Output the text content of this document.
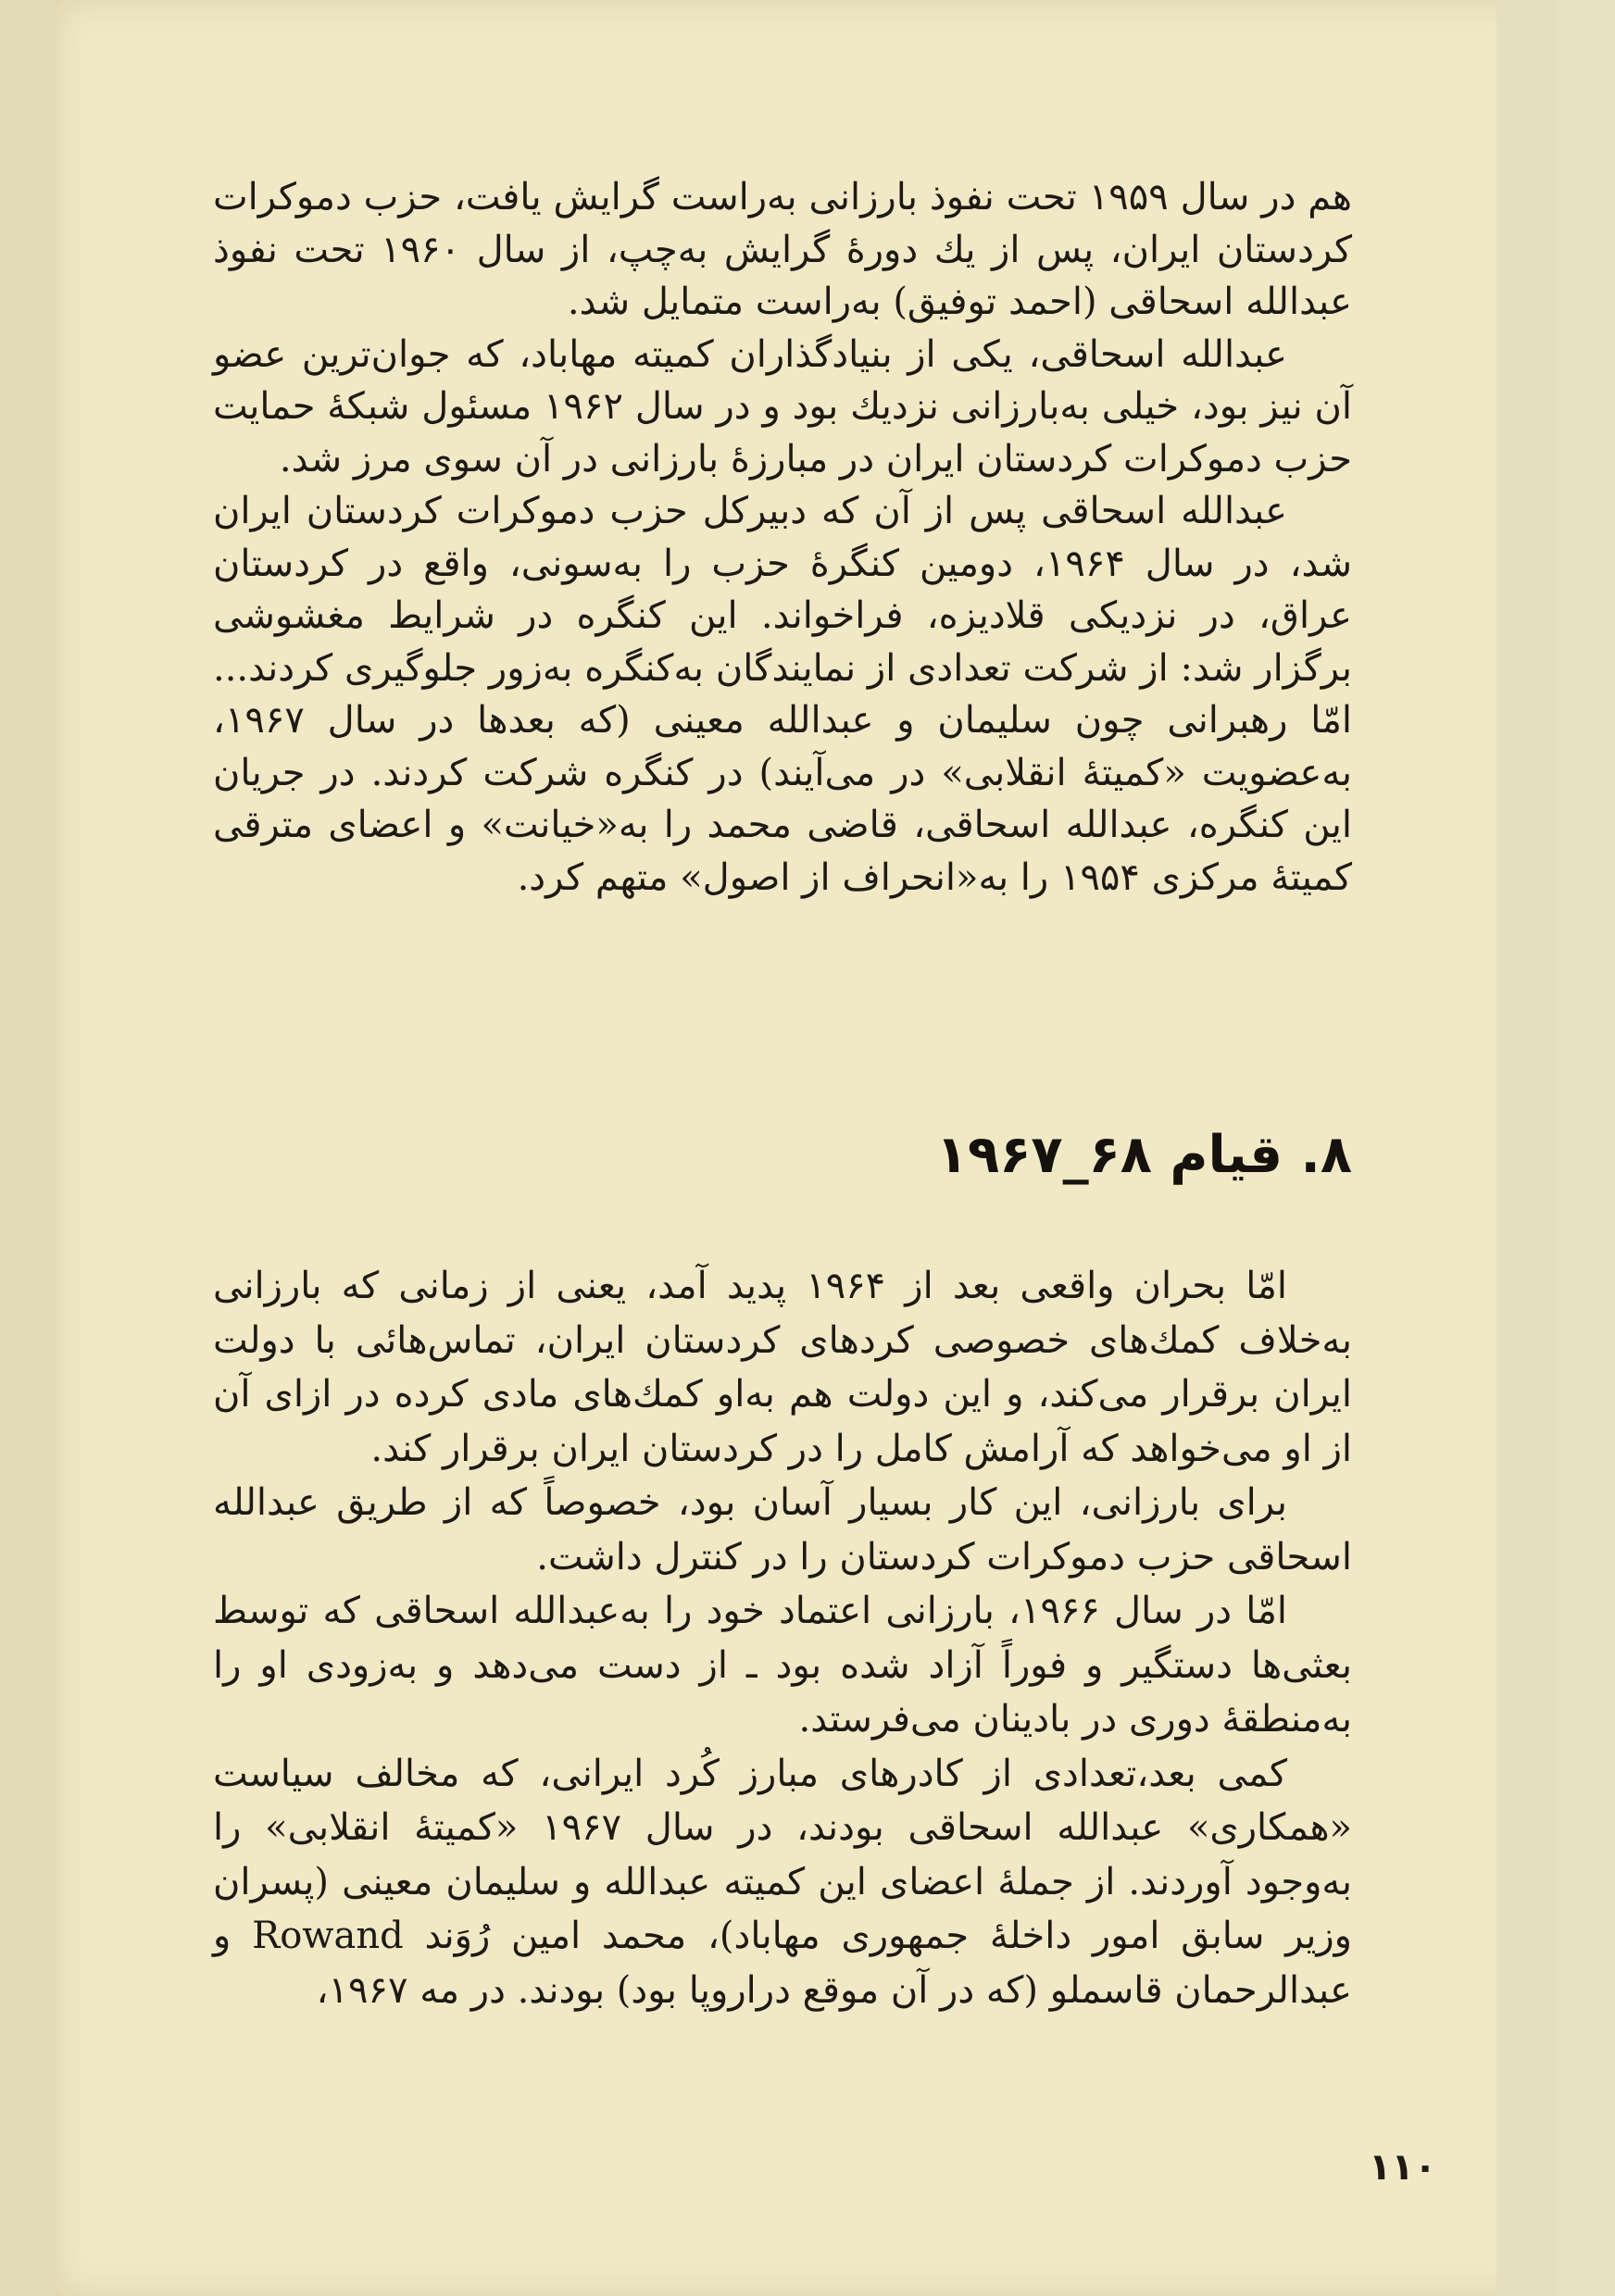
هم در سال ۱۹۵۹ تحت نفوذ بارزانی به‌راست گرایش یافت، حزب دموکرات کردستان ایران، پس از یك دورهٔ گرایش به‌چپ، از سال ۱۹۶۰ تحت نفوذ عبدالله اسحاقی (احمد توفیق) به‌راست متمایل شد.

عبدالله اسحاقی، یکی از بنیادگذاران کمیته مهاباد، که جوان‌ترین عضو آن نیز بود، خیلی به‌بارزانی نزدیك بود و در سال ۱۹۶۲ مسئول شبکهٔ حمایت حزب دموکرات کردستان ایران در مبارزهٔ بارزانی در آن سوی مرز شد.

عبدالله اسحاقی پس از آن که دبیرکل حزب دموکرات کردستان ایران شد، در سال ۱۹۶۴، دومین کنگرهٔ حزب را به‌سونی، واقع در کردستان عراق، در نزدیکی قلادیزه، فراخواند. این کنگره در شرایط مغشوشی برگزار شد: از شرکت تعدادی از نمایندگان به‌کنگره به‌زور جلوگیری کردند... امّا رهبرانی چون سلیمان و عبدالله معینی (که بعدها در سال ۱۹۶۷، به‌عضویت «کمیتهٔ انقلابی» در می‌آیند) در کنگره شرکت کردند. در جریان این کنگره، عبدالله اسحاقی، قاضی محمد را به«خیانت» و اعضای مترقی کمیتهٔ مرکزی ۱۹۵۴ را به«انحراف از اصول» متهم کرد.

۸. قیام ۶۸_۱۹۶۷

امّا بحران واقعی بعد از ۱۹۶۴ پدید آمد، یعنی از زمانی که بارزانی به‌خلاف کمك‌های خصوصی کردهای کردستان ایران، تماس‌هائی با دولت ایران برقرار می‌کند، و این دولت هم به‌او کمك‌های مادی کرده در ازای آن از او می‌خواهد که آرامش کامل را در کردستان ایران برقرار کند.

برای بارزانی، این کار بسیار آسان بود، خصوصاً که از طریق عبدالله اسحاقی حزب دموکرات کردستان را در کنترل داشت.

امّا در سال ۱۹۶۶، بارزانی اعتماد خود را به‌عبدالله اسحاقی که توسط بعثی‌ها دستگیر و فوراً آزاد شده بود ـ از دست می‌دهد و به‌زودی او را به‌منطقهٔ دوری در بادینان می‌فرستد.

کمی بعد،تعدادی از کادرهای مبارز کُرد ایرانی، که مخالف سیاست «همکاری» عبدالله اسحاقی بودند، در سال ۱۹۶۷ «کمیتهٔ انقلابی» را به‌وجود آوردند. از جملهٔ اعضای این کمیته عبدالله و سلیمان معینی (پسران وزیر سابق امور داخلهٔ جمهوری مهاباد)، محمد امین رُوَند Rowand و عبدالرحمان قاسملو (که در آن موقع دراروپا بود) بودند. در مه ۱۹۶۷،

۱۱۰
